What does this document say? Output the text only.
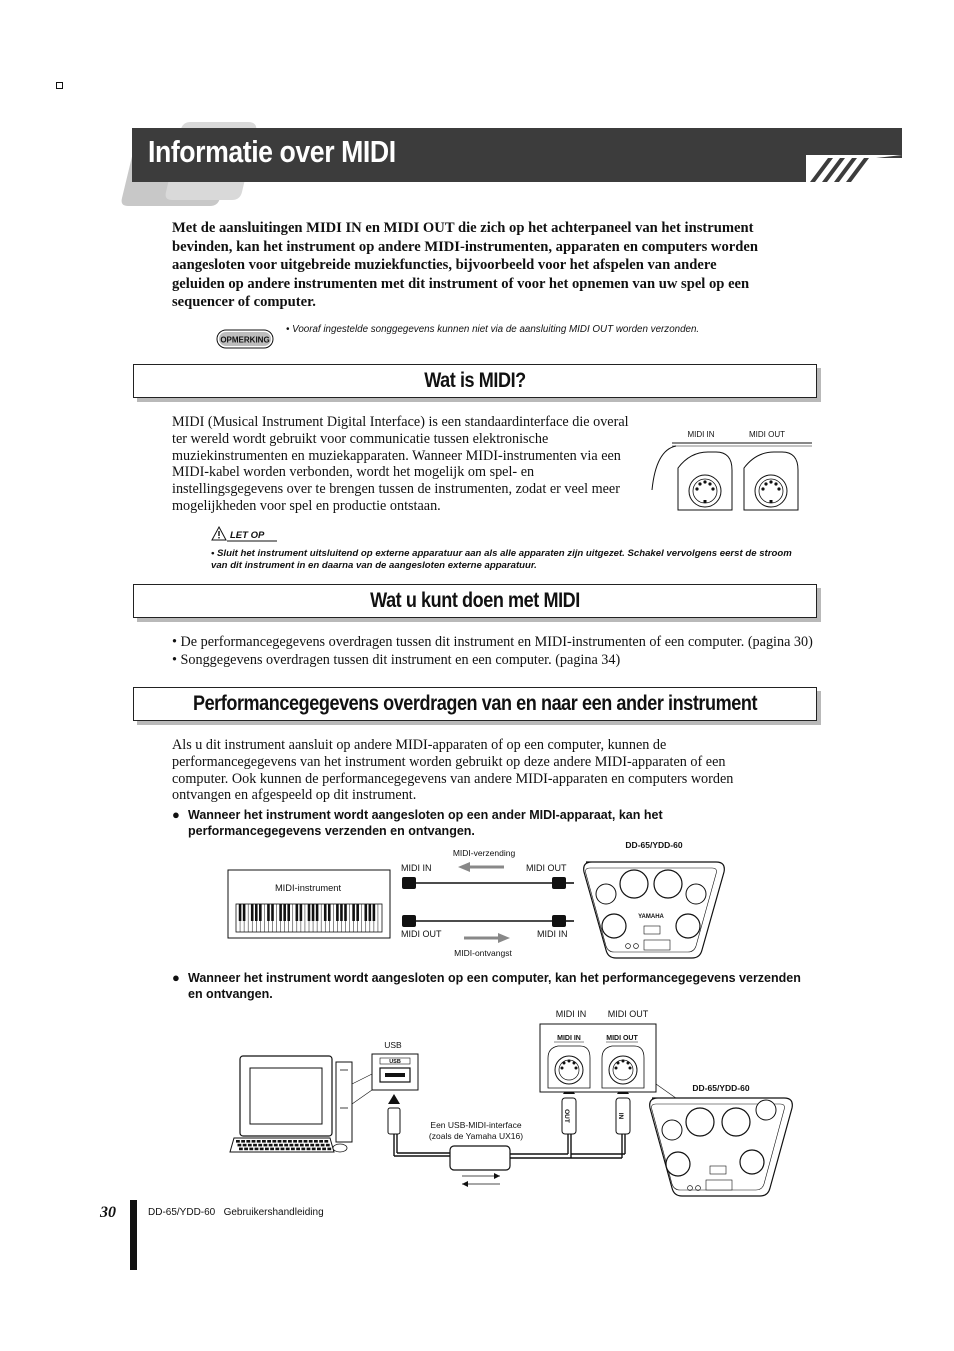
Informatie over MIDI
Met de aansluitingen MIDI IN en MIDI OUT die zich op het achterpaneel van het instrument bevinden, kan het instrument op andere MIDI-instrumenten, apparaten en computers worden aangesloten voor uitgebreide muziekfuncties, bijvoorbeeld voor het afspelen van andere geluiden op andere instrumenten met dit instrument of voor het opnemen van uw spel op een sequencer of computer.
OPMERKING
• Vooraf ingestelde songgegevens kunnen niet via de aansluiting MIDI OUT worden verzonden.
Wat is MIDI?
MIDI (Musical Instrument Digital Interface) is een standaardinterface die overal ter wereld wordt gebruikt voor communicatie tussen elektronische muziekinstrumenten en muziekapparaten. Wanneer MIDI-instrumenten via een MIDI-kabel worden verbonden, wordt het mogelijk om spel- en instellingsgegevens over te brengen tussen de instrumenten, zodat er veel meer mogelijkheden voor spel en productie ontstaan.
MIDI IN	MIDI OUT
LET OP
• Sluit het instrument uitsluitend op externe apparatuur aan als alle apparaten zijn uitgezet. Schakel vervolgens eerst de stroom van dit instrument in en daarna van de aangesloten externe apparatuur.
Wat u kunt doen met MIDI
• De performancegegevens overdragen tussen dit instrument en MIDI-instrumenten of een computer. (pagina 30)
• Songgegevens overdragen tussen dit instrument en een computer. (pagina 34)
Performancegegevens overdragen van en naar een ander instrument
Als u dit instrument aansluit op andere MIDI-apparaten of op een computer, kunnen de performancegegevens van het instrument worden gebruikt op deze andere MIDI-apparaten of een computer. Ook kunnen de performancegegevens van andere MIDI-apparaten en computers worden ontvangen en afgespeeld op dit instrument.
● Wanneer het instrument wordt aangesloten op een ander MIDI-apparaat, kan het performancegegevens verzenden en ontvangen.
MIDI-instrument
MIDI-verzending
MIDI IN	MIDI OUT
MIDI OUT	MIDI IN
MIDI-ontvangst
DD-65/YDD-60
YAMAHA
● Wanneer het instrument wordt aangesloten op een computer, kan het performancegegevens verzenden en ontvangen.
USB
USB
Een USB-MIDI-interface
(zoals de Yamaha UX16)
OUT	IN
MIDI IN MIDI OUT
MIDI IN	MIDI OUT
DD-65/YDD-60
30	DD-65/YDD-60   Gebruikershandleiding
